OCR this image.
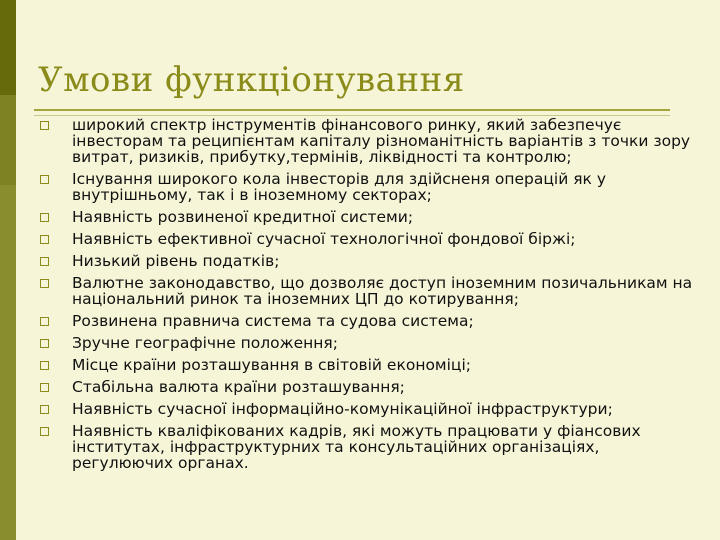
Умови функціонування
широкий спектр інструментів фінансового ринку, який забезпечує інвесторам та реципієнтам капіталу різноманітність варіантів з точки зору витрат, ризиків, прибутку,термінів, ліквідності та контролю;
Існування широкого кола інвесторів для здійсненя операцій як у внутрішньому, так і в іноземному секторах;
Наявність розвиненої кредитної системи;
Наявність ефективної сучасної технологічної фондової біржі;
Низький рівень податків;
Валютне законодавство, що дозволяє доступ іноземним позичальникам на національний ринок та іноземних ЦП до котирування;
Розвинена правнича система та судова система;
Зручне географічне положення;
Місце країни розташування в світовій економіці;
Стабільна валюта країни розташування;
Наявність сучасної інформаційно-комунікаційної інфраструктури;
Наявність кваліфікованих кадрів, які можуть працювати у фіансових інститутах, інфраструктурних та консультаційних організаціях, регулюючих органах.
